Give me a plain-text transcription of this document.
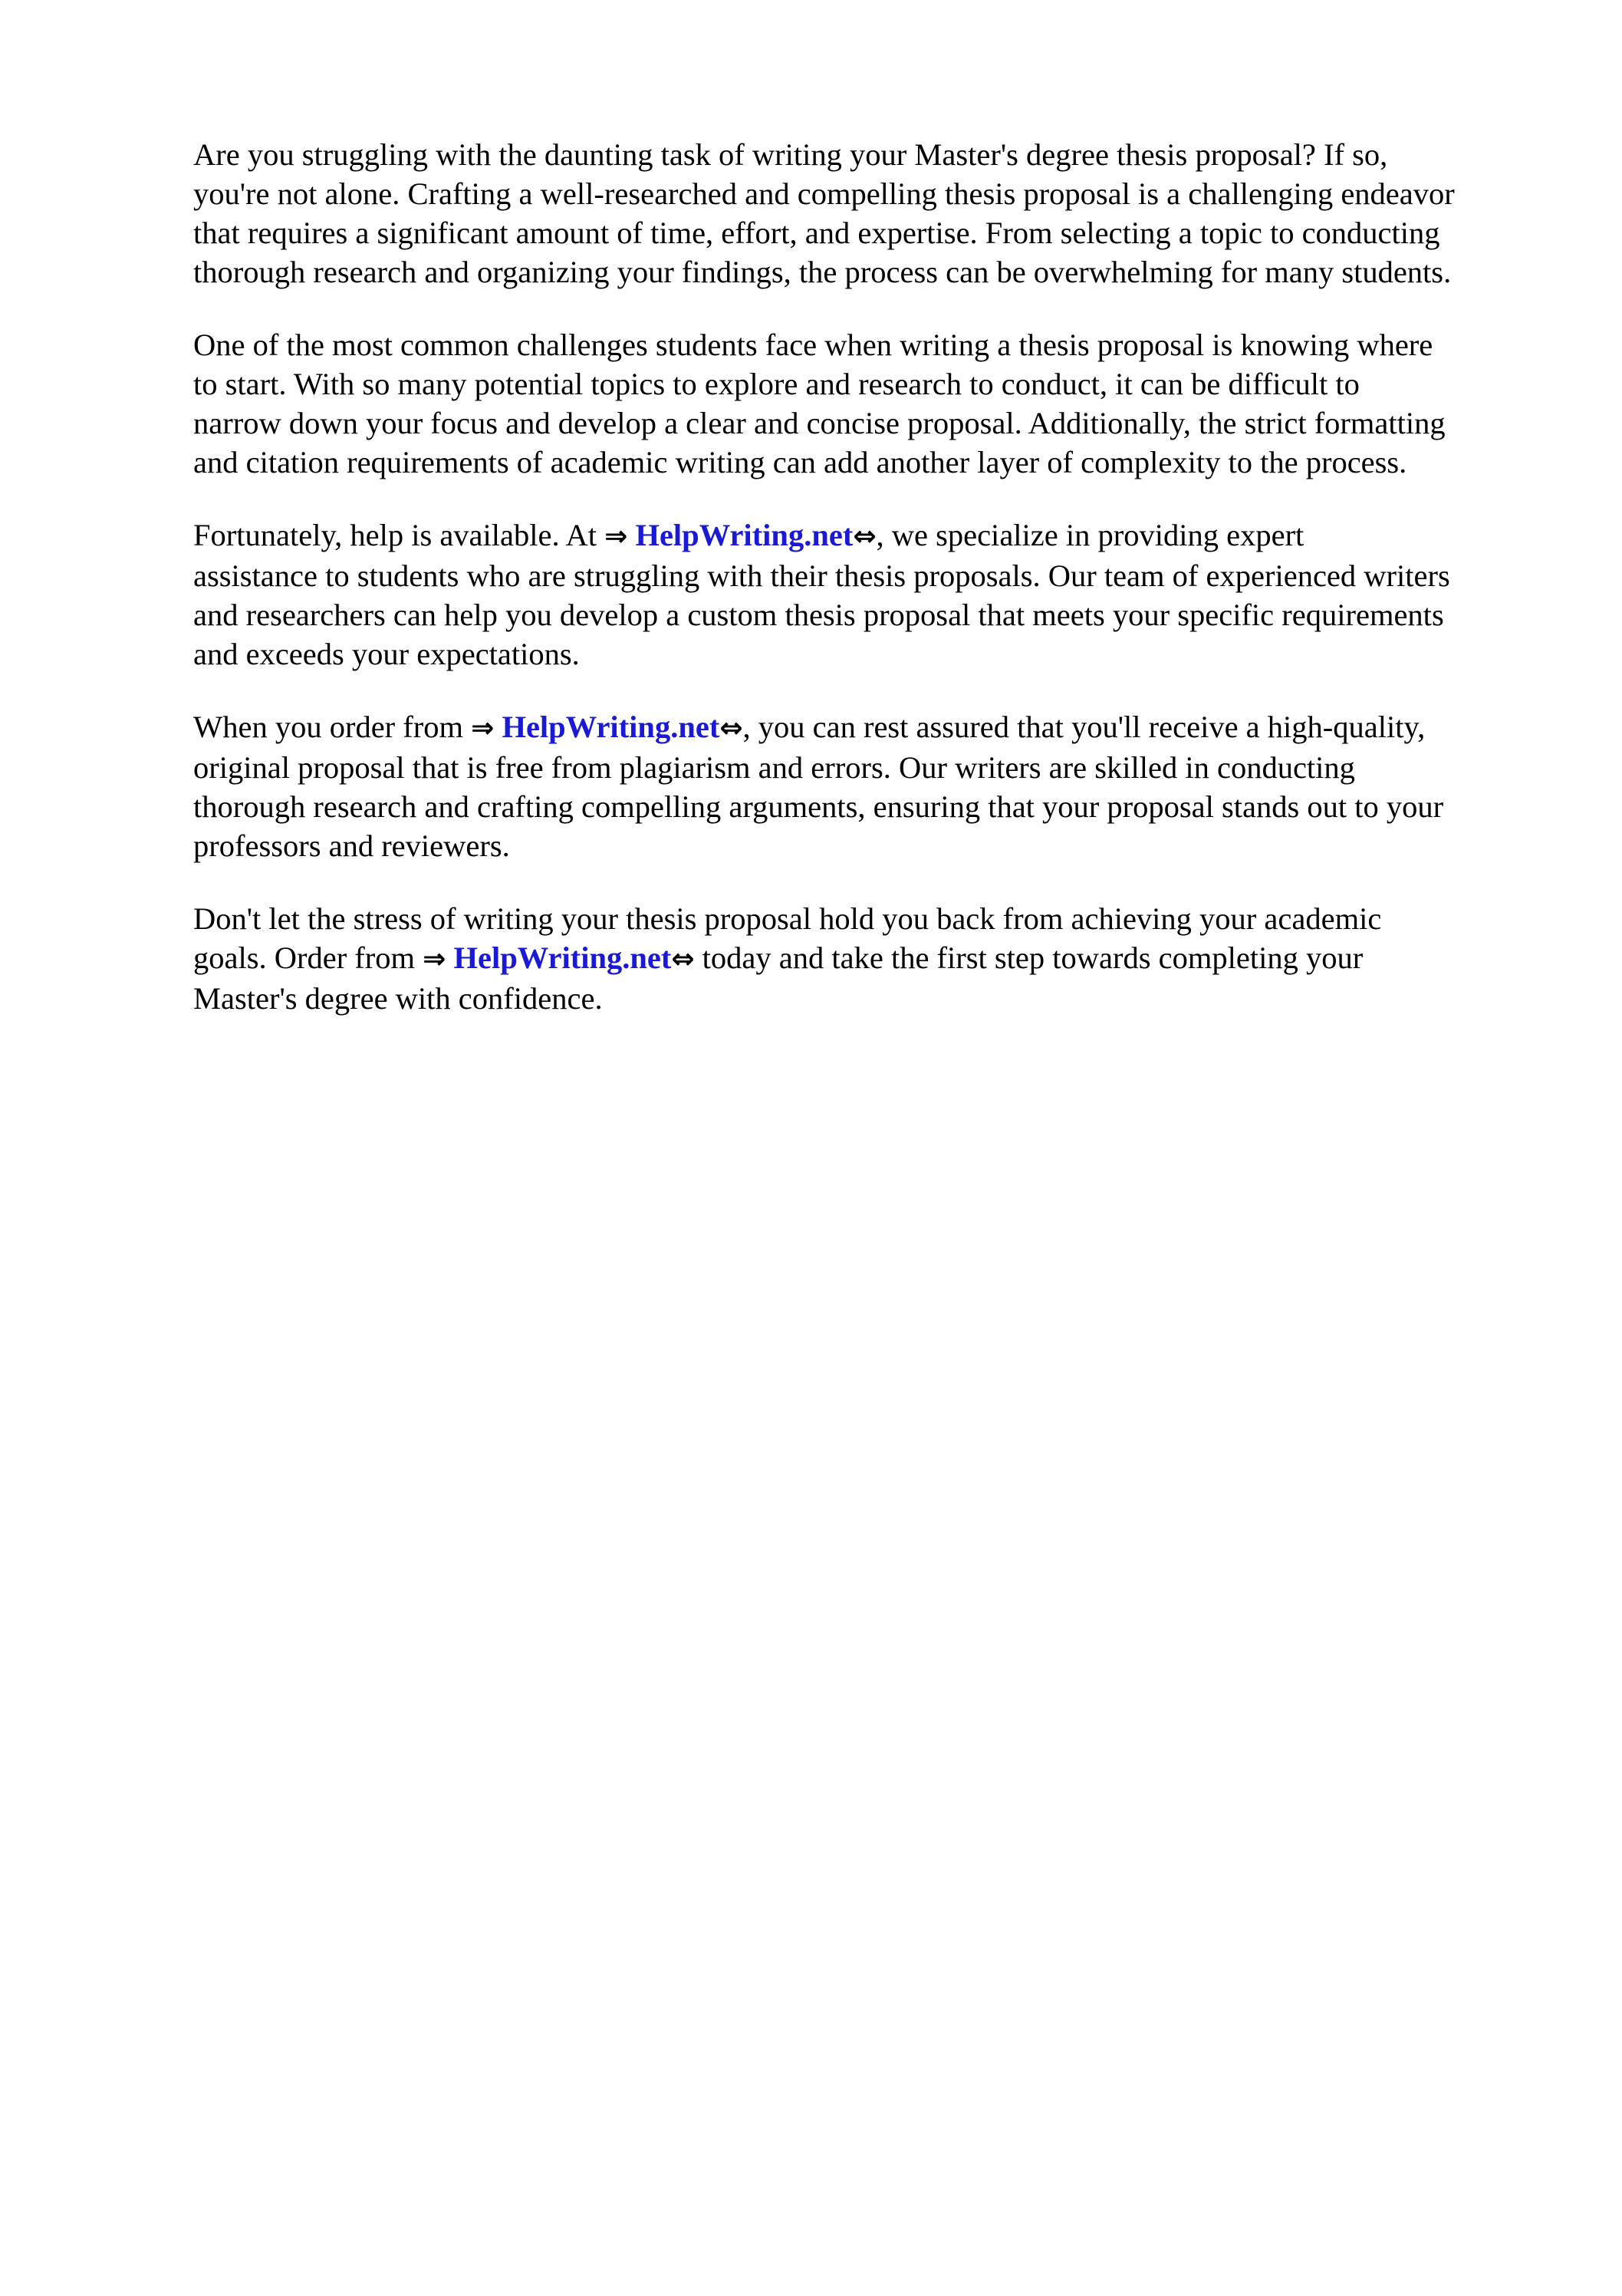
Are you struggling with the daunting task of writing your Master's degree thesis proposal? If so,
you're not alone. Crafting a well-researched and compelling thesis proposal is a challenging endeavor
that requires a significant amount of time, effort, and expertise. From selecting a topic to conducting
thorough research and organizing your findings, the process can be overwhelming for many students.

One of the most common challenges students face when writing a thesis proposal is knowing where
to start. With so many potential topics to explore and research to conduct, it can be difficult to
narrow down your focus and develop a clear and concise proposal. Additionally, the strict formatting
and citation requirements of academic writing can add another layer of complexity to the process.

Fortunately, help is available. At ⇒ HelpWriting.net⇔, we specialize in providing expert
assistance to students who are struggling with their thesis proposals. Our team of experienced writers
and researchers can help you develop a custom thesis proposal that meets your specific requirements
and exceeds your expectations.

When you order from ⇒ HelpWriting.net⇔, you can rest assured that you'll receive a high-quality,
original proposal that is free from plagiarism and errors. Our writers are skilled in conducting
thorough research and crafting compelling arguments, ensuring that your proposal stands out to your
professors and reviewers.

Don't let the stress of writing your thesis proposal hold you back from achieving your academic
goals. Order from ⇒ HelpWriting.net⇔ today and take the first step towards completing your
Master's degree with confidence.
